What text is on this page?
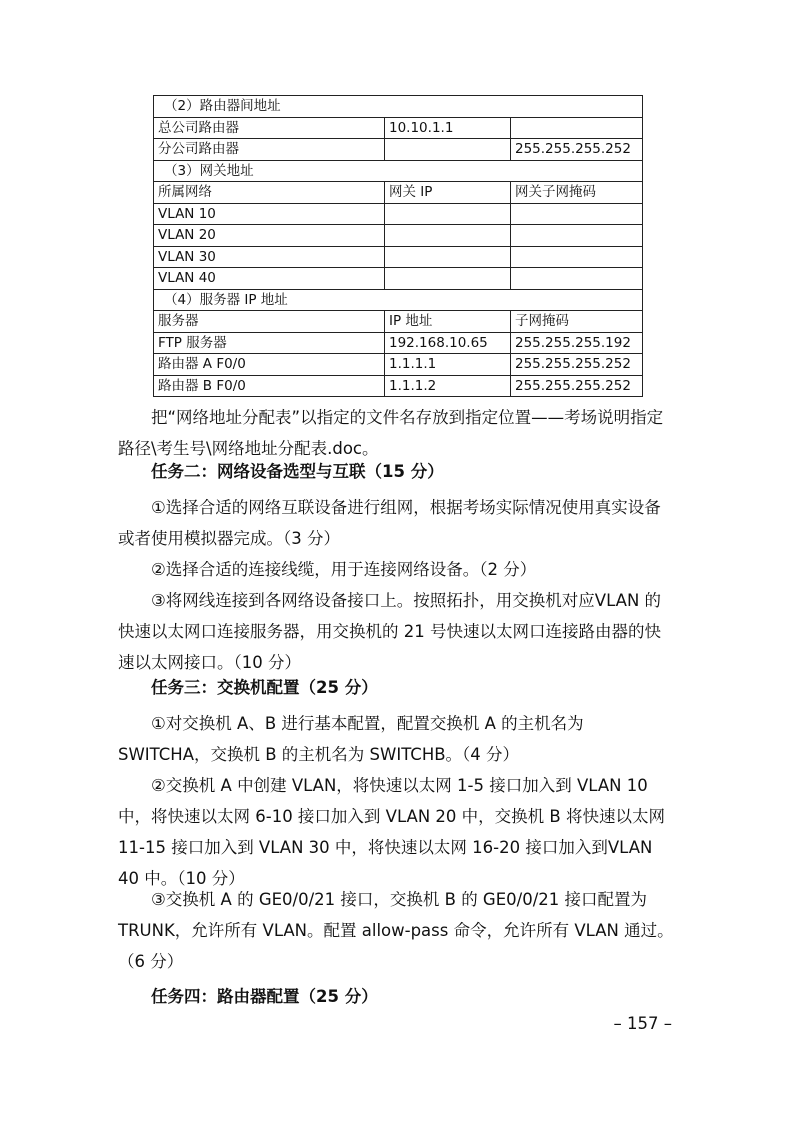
（2）路由器间地址		
总公司路由器	10.10.1.1	
分公司路由器		255.255.255.252
（3）网关地址		
所属网络	网关 IP	网关子网掩码
VLAN 10		
VLAN 20		
VLAN 30		
VLAN 40		
（4）服务器 IP 地址		
服务器	IP 地址	子网掩码
FTP 服务器	192.168.10.65	255.255.255.192
路由器 A F0/0	1.1.1.1	255.255.255.252
路由器 B F0/0	1.1.1.2	255.255.255.252

把“网络地址分配表”以指定的文件名存放到指定位置——考场说明指定路径\考生号\网络地址分配表.doc。

任务二：网络设备选型与互联（15 分）

①选择合适的网络互联设备进行组网，根据考场实际情况使用真实设备或者使用模拟器完成。（3 分）

②选择合适的连接线缆，用于连接网络设备。（2 分）

③将网线连接到各网络设备接口上。按照拓扑，用交换机对应VLAN 的快速以太网口连接服务器，用交换机的 21 号快速以太网口连接路由器的快速以太网接口。（10 分）

任务三：交换机配置（25 分）

①对交换机 A、B 进行基本配置，配置交换机 A 的主机名为SWITCHA，交换机 B 的主机名为 SWITCHB。（4 分）

②交换机 A 中创建 VLAN，将快速以太网 1-5 接口加入到 VLAN 10中，将快速以太网 6-10 接口加入到 VLAN 20 中，交换机 B 将快速以太网 11-15 接口加入到 VLAN 30 中，将快速以太网 16-20 接口加入到VLAN 40 中。（10 分）

③交换机 A 的 GE0/0/21 接口，交换机 B 的 GE0/0/21 接口配置为TRUNK，允许所有 VLAN。配置 allow-pass 命令，允许所有 VLAN 通过。（6 分）

任务四：路由器配置（25 分）

– 157 –
